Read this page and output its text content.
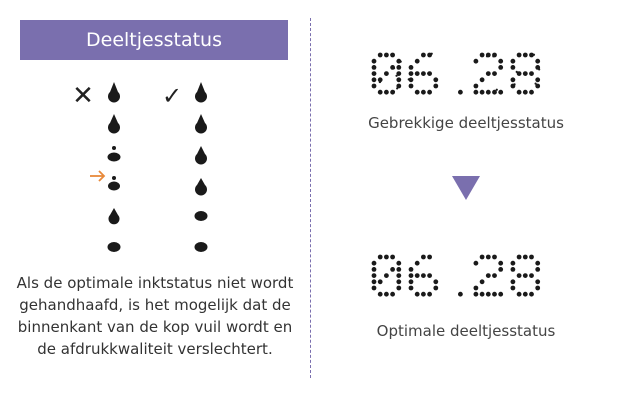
Deeltjesstatus
✕	✓
Als de optimale inktstatus niet wordt gehandhaafd, is het mogelijk dat de binnenkant van de kop vuil wordt en de afdrukkwaliteit verslechtert.
Gebrekkige deeltjesstatus
Optimale deeltjesstatus
